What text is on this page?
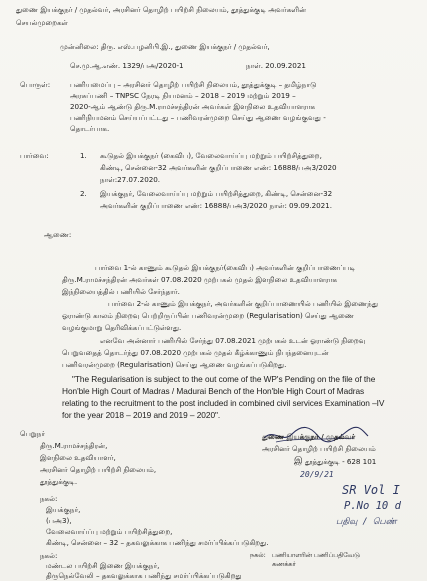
துணை இயக்குநர் / முதல்வர், அரசினர் தொழிற் பயிற்சி நிலையம், தூத்துக்குடி அவர்களின்
செயல்முறைகள்
முன்னிலை: திரு. எஸ்.பழனிபி.இ., துணை இயக்குநர் / முதல்வர்,
செ.மு.ஆ.எண். 1329/பஅ/2020-1	நாள். 20.09.2021
பொருள்:	பணியமைப்பு – அரசினர் தொழிற் பயிற்சி நிலையம், தூத்துக்குடி – தமிழ்நாடு
அரசுப்பணி – TNPSC நேரடி நியமனம் – 2018 – 2019 மற்றும் 2019 –
2020-ஆம் ஆண்டு திரு.M.ராமச்சந்திரன் அவர்கள் இளநிலை உதவியாளராக
பணிநியமனம் செய்யப்பட்டது – பணிவரன்முறை செய்து ஆணை வழங்குவது -
தொடர்பாக.
பார்வை:	1. கூடுதல் இயக்குநர் (கைவிப), வேலைவாய்ப்பு மற்றும் பயிற்சித்துறை,
கிண்டி, சென்னை-32 அவர்களின் குறிப்பாணை எண்: 16888/பஅ3/2020
நாள்:27.07.2020.
2. இயக்குநர், வேலைவாய்ப்பு மற்றும் பயிற்சித்துறை, கிண்டி, சென்னை-32
அவர்களின் குறிப்பாணை எண்: 16888/பஅ3/2020 நாள்: 09.09.2021.
ஆணை:
பார்வை 1-ல் காணும் கூடுதல் இயக்குநர்(கைவிப) அவர்களின் குறிப்பாணைப்படி
திரு.M.ராமச்சந்திரன் அவர்கள் 07.08.2020 முற்பகல் முதல் இளநிலை உதவியாளராக
இந்நிலையத்தில் பணியில் சேர்ந்தார்.
பார்வை 2-ல் காணும் இயக்குநர், அவர்களின் குறிப்பாணையில் பணியில் இணைந்து
ஓராண்டு காலம் நிறைவு பெற்றிருப்பின் பணிவரன்முறை (Regularisation) செய்து ஆணை
வழங்குமாறு தெரிவிக்கப்பட்டுள்ளது.
எனவே அன்னார் பணியில் சேர்ந்து 07.08.2021 முற்பகல் உடன் ஓராண்டு நிறைவு
பெறுவதைத் தொடர்ந்து 07.08.2020 முற்பகல் முதல் கீழ்க்காணும் நிபந்தனையுடன்
பணிவரன்முறை (Regularisation) செய்து ஆணை வழங்கப்படுகிறது.
"The Regularisation is subject to the out come of the WP's Pending on the file of the
Hon'ble High Court of Madras / Madurai Bench of the Hon'ble High Court of Madras
relating to the recruitment to the post included in combined civil services Examination –IV
for the year 2018 – 2019 and 2019 – 2020".
துணை இயக்குநர் / முதல்வர்
அரசினர் தொழிற் பயிற்சி நிலையம்
இ தூத்துக்குடி - 628 101
20/9/21
பெறுநர்
திரு.M.ராமச்சந்திரன்,
இளநிலை உதவியாளர்,
அரசினர் தொழிற் பயிற்சி நிலையம்,
தூத்துக்குடி.
நகல்:
இயக்குநர்,
(பஅ3),
வேலைவாய்ப்பு மற்றும் பயிற்சித்துறை,
கிண்டி, சென்னை – 32 – தகவலுக்காக பணிந்து சமர்ப்பிக்கப்படுகிறது.
நகல்:
மண்டல பயிற்சி இணை இயக்குநர்,
திருநெல்வேலி – தகவலுக்காக பணிந்து சமர்ப்பிக்கப்படுகிறது
நகல்: பணியாளரின் பணிப்பதிவேடு
கணக்கர்
SR Vol I
P.No 10 d
பதிவு / பெண்
